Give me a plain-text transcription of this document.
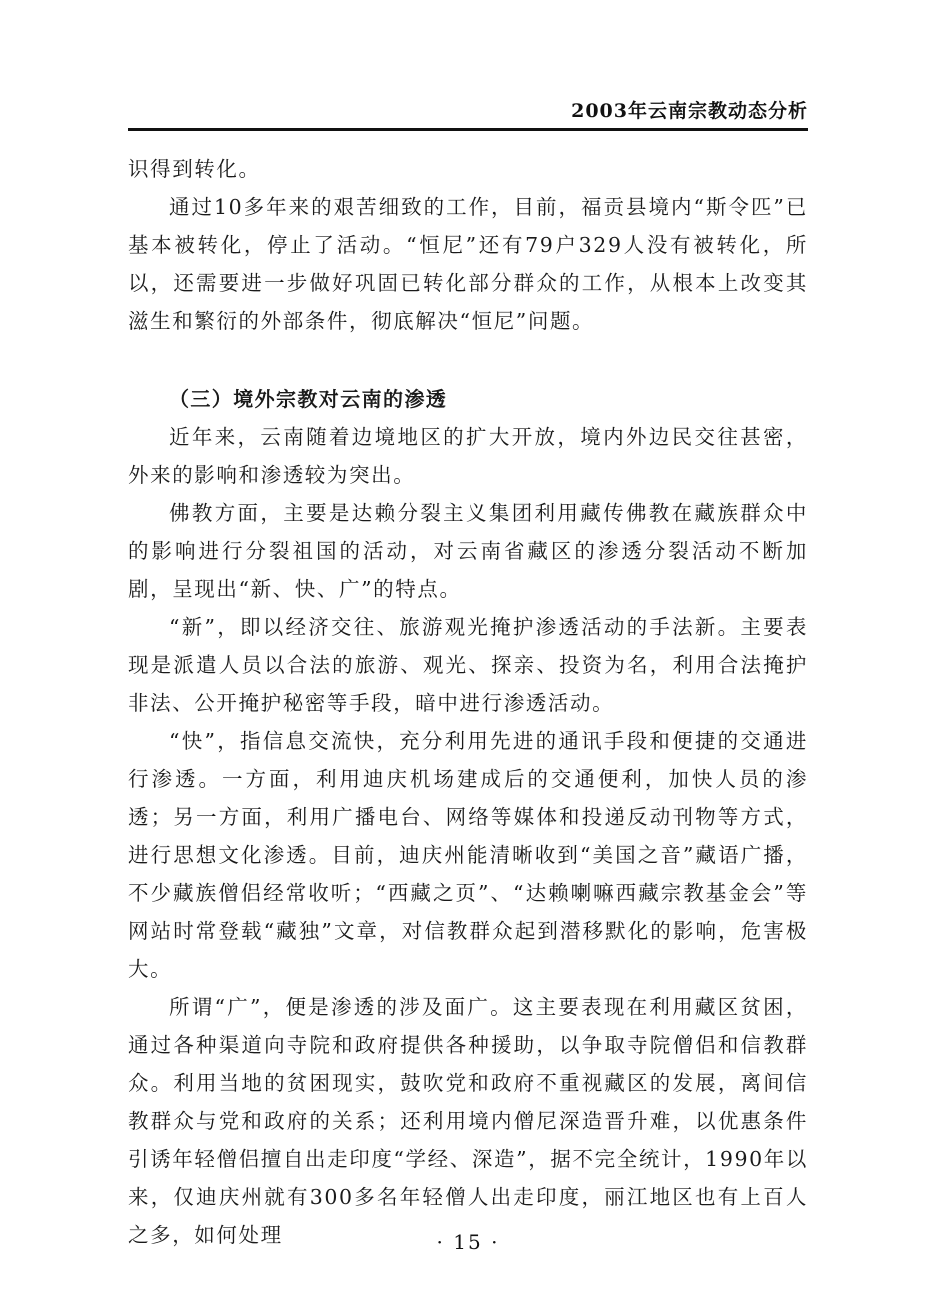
2003年云南宗教动态分析

识得到转化。

通过10多年来的艰苦细致的工作，目前，福贡县境内“斯令匹”已基本被转化，停止了活动。“恒尼”还有79户329人没有被转化，所以，还需要进一步做好巩固已转化部分群众的工作，从根本上改变其滋生和繁衍的外部条件，彻底解决“恒尼”问题。

（三）境外宗教对云南的渗透

近年来，云南随着边境地区的扩大开放，境内外边民交往甚密，外来的影响和渗透较为突出。

佛教方面，主要是达赖分裂主义集团利用藏传佛教在藏族群众中的影响进行分裂祖国的活动，对云南省藏区的渗透分裂活动不断加剧，呈现出“新、快、广”的特点。

“新”，即以经济交往、旅游观光掩护渗透活动的手法新。主要表现是派遣人员以合法的旅游、观光、探亲、投资为名，利用合法掩护非法、公开掩护秘密等手段，暗中进行渗透活动。

“快”，指信息交流快，充分利用先进的通讯手段和便捷的交通进行渗透。一方面，利用迪庆机场建成后的交通便利，加快人员的渗透；另一方面，利用广播电台、网络等媒体和投递反动刊物等方式，进行思想文化渗透。目前，迪庆州能清晰收到“美国之音”藏语广播，不少藏族僧侣经常收听；“西藏之页”、“达赖喇嘛西藏宗教基金会”等网站时常登载“藏独”文章，对信教群众起到潜移默化的影响，危害极大。

所谓“广”，便是渗透的涉及面广。这主要表现在利用藏区贫困，通过各种渠道向寺院和政府提供各种援助，以争取寺院僧侣和信教群众。利用当地的贫困现实，鼓吹党和政府不重视藏区的发展，离间信教群众与党和政府的关系；还利用境内僧尼深造晋升难，以优惠条件引诱年轻僧侣擅自出走印度“学经、深造”，据不完全统计，1990年以来，仅迪庆州就有300多名年轻僧人出走印度，丽江地区也有上百人之多，如何处理	· 15 ·
